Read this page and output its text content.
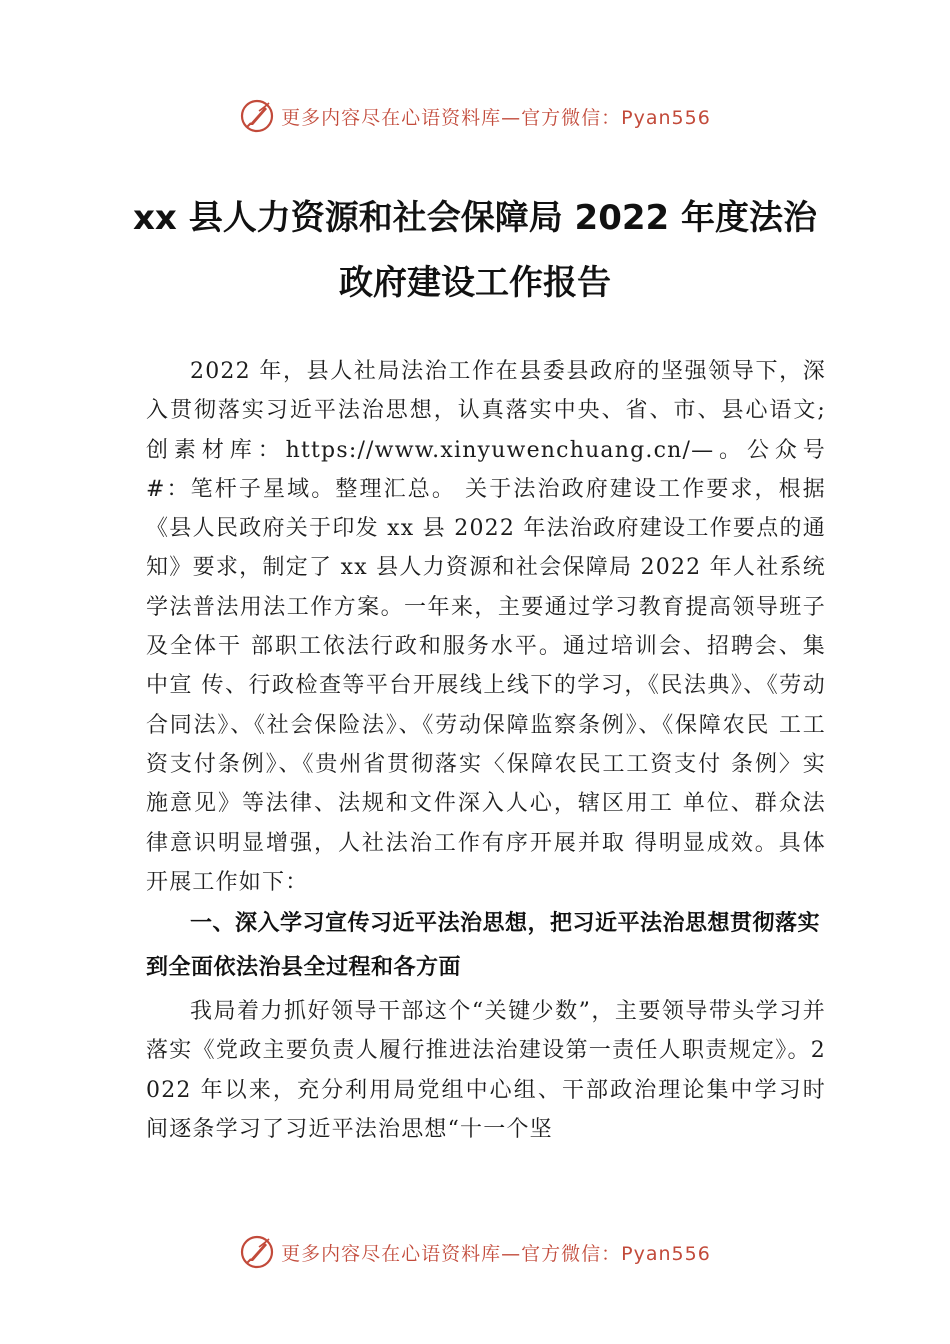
更多内容尽在心语资料库—官方微信：Pyan556
xx 县人力资源和社会保障局 2022 年度法治
政府建设工作报告

2022 年，县人社局法治工作在县委县政府的坚强领导下，深入贯彻落实习近平法治思想，认真落实中央、省、市、县心语文;创素材库：https://www.xinyuwenchuang.cn/—。公众号#：笔杆子星域。整理汇总。 关于法治政府建设工作要求，根据《县人民政府关于印发 xx 县 2022 年法治政府建设工作要点的通知》要求，制定了 xx 县人力资源和社会保障局 2022 年人社系统学法普法用法工作方案。一年来，主要通过学习教育提高领导班子及全体干 部职工依法行政和服务水平。通过培训会、招聘会、集中宣 传、行政检查等平台开展线上线下的学习，《民法典》、《劳动 合同法》、《社会保险法》、《劳动保障监察条例》、《保障农民 工工资支付条例》、《贵州省贯彻落实〈保障农民工工资支付 条例〉实施意见》等法律、法规和文件深入人心，辖区用工 单位、群众法律意识明显增强，人社法治工作有序开展并取 得明显成效。具体开展工作如下：

一、深入学习宣传习近平法治思想，把习近平法治思想贯彻落实到全面依法治县全过程和各方面

我局着力抓好领导干部这个“关键少数”，主要领导带头学习并落实《党政主要负责人履行推进法治建设第一责任人职责规定》。2022 年以来，充分利用局党组中心组、干部政治理论集中学习时间逐条学习了习近平法治思想“十一个坚

更多内容尽在心语资料库—官方微信：Pyan556
